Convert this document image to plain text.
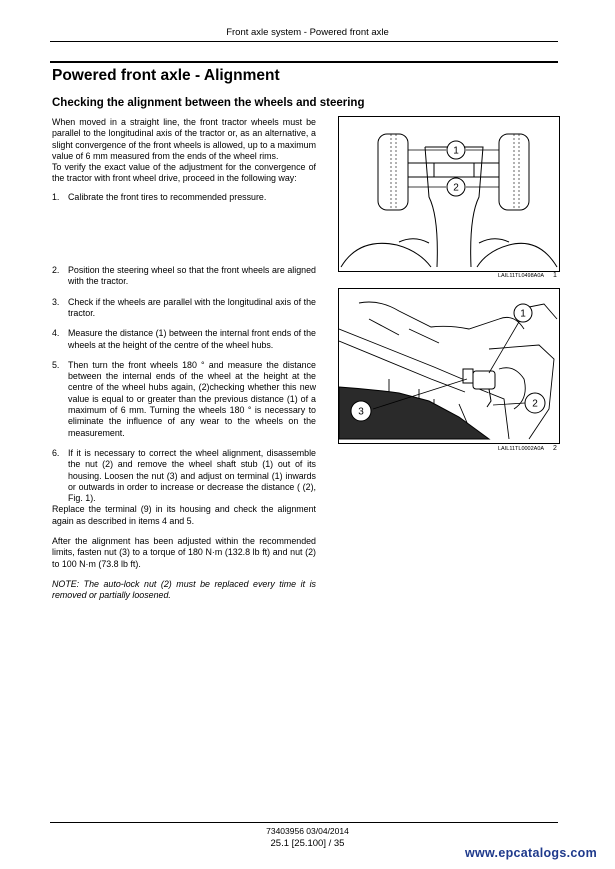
Front axle system - Powered front axle
Powered front axle - Alignment
Checking the alignment between the wheels and steering

When moved in a straight line, the front tractor wheels must be parallel to the longitudinal axis of the tractor or, as an alternative, a slight convergence of the front wheels is allowed, up to a maximum value of 6 mm measured from the ends of the wheel rims.

To verify the exact value of the adjustment for the convergence of the tractor with front wheel drive, proceed in the following way:

1. Calibrate the front tires to recommended pressure.

2. Position the steering wheel so that the front wheels are aligned with the tractor.

3. Check if the wheels are parallel with the longitudinal axis of the tractor.

4. Measure the distance (1) between the internal front ends of the wheels at the height of the centre of the wheel hubs.

5. Then turn the front wheels 180 ° and measure the distance between the internal ends of the wheel at the height at the centre of the wheel hubs again, (2)checking whether this new value is equal to or greater than the previous distance (1) of a maximum of 6 mm. Turning the wheels 180 ° is necessary to eliminate the influence of any wear to the wheels on the measurement.

6. If it is necessary to correct the wheel alignment, disassemble the nut (2) and remove the wheel shaft stub (1) out of its housing. Loosen the nut (3) and adjust on terminal (1) inwards or outwards in order to increase or decrease the distance ( (2), Fig. 1).

Replace the terminal (9) in its housing and check the alignment again as described in items 4 and 5.

After the alignment has been adjusted within the recommended limits, fasten nut (3) to a torque of 180 N·m (132.8 lb ft) and nut (2) to 100 N·m (73.8 lb ft).

NOTE: The auto-lock nut (2) must be replaced every time it is removed or partially loosened.

1
2
LAIL11TL0498A0A 1
1
2
3
LAIL11TL0002A0A 2
73403956 03/04/2014
25.1 [25.100] / 35
www.epcatalogs.com
